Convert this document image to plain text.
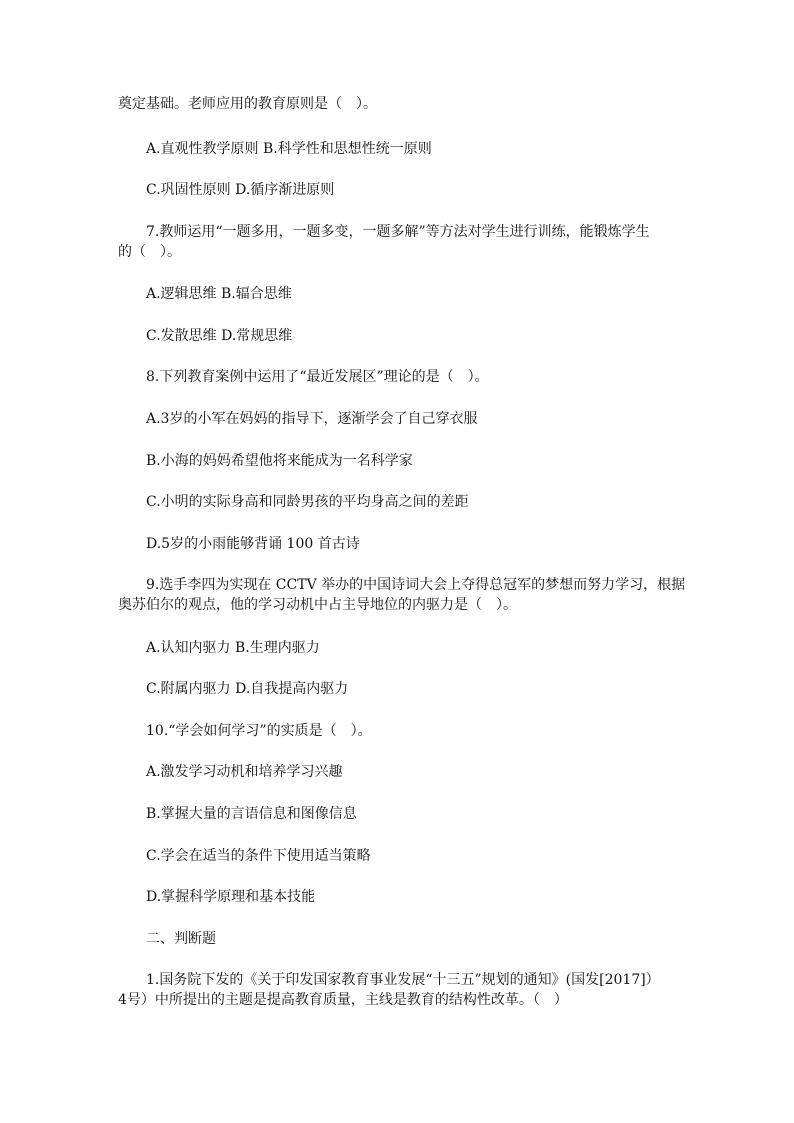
奠定基础。老师应用的教育原则是（　）。
A.直观性教学原则 B.科学性和思想性统一原则
C.巩固性原则 D.循序渐进原则
7.教师运用“一题多用，一题多变，一题多解”等方法对学生进行训练，能锻炼学生
的（　）。
A.逻辑思维 B.辐合思维
C.发散思维 D.常规思维
8.下列教育案例中运用了“最近发展区”理论的是（　）。
A.3岁的小军在妈妈的指导下，逐渐学会了自己穿衣服
B.小海的妈妈希望他将来能成为一名科学家
C.小明的实际身高和同龄男孩的平均身高之间的差距
D.5岁的小雨能够背诵 100 首古诗
9.选手李四为实现在 CCTV 举办的中国诗词大会上夺得总冠军的梦想而努力学习，根据
奥苏伯尔的观点，他的学习动机中占主导地位的内驱力是（　）。
A.认知内驱力 B.生理内驱力
C.附属内驱力 D.自我提高内驱力
10.“学会如何学习”的实质是（　）。
A.激发学习动机和培养学习兴趣
B.掌握大量的言语信息和图像信息
C.学会在适当的条件下使用适当策略
D.掌握科学原理和基本技能
二、判断题
1.国务院下发的《关于印发国家教育事业发展“十三五”规划的通知》(国发[2017]）
4号）中所提出的主题是提高教育质量，主线是教育的结构性改革。（　）
